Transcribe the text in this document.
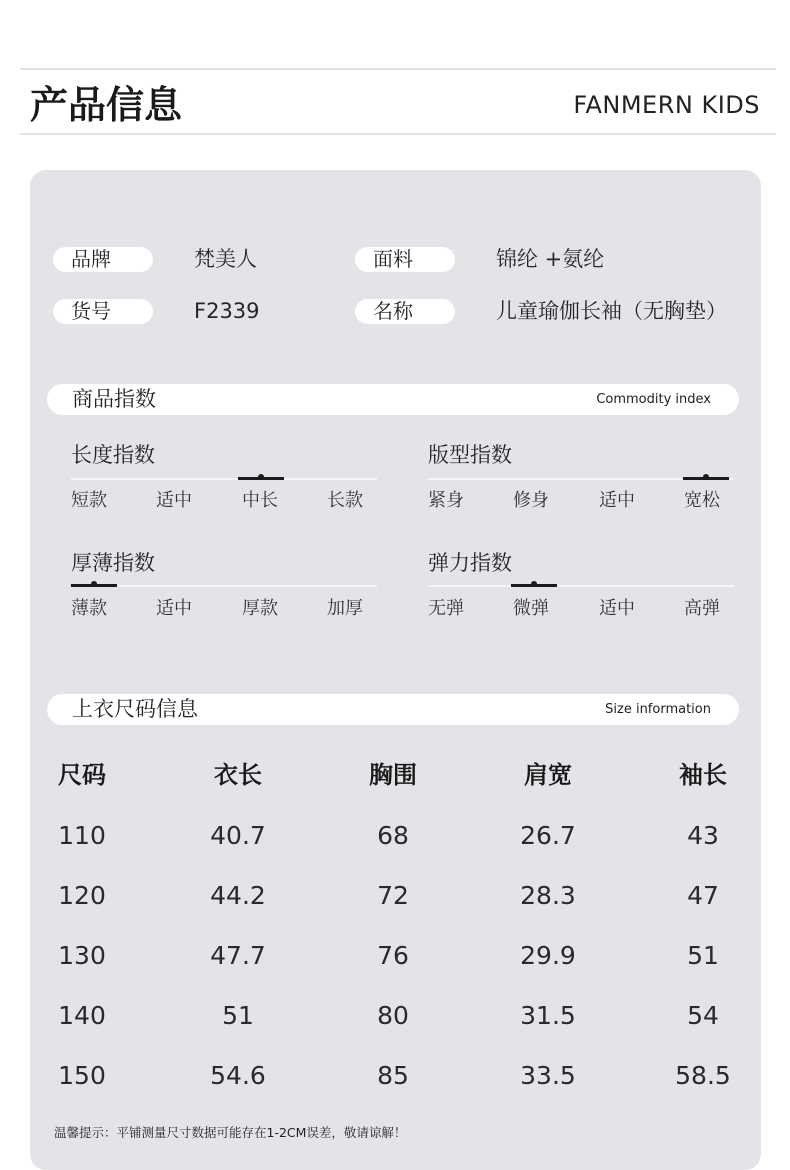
产品信息	FANMERN KIDS
品牌	梵美人	面料	锦纶 +氨纶
货号	F2339	名称	儿童瑜伽长袖（无胸垫）
商品指数	Commodity index
长度指数
短款	适中	中长	长款
版型指数
紧身	修身	适中	宽松
厚薄指数
薄款	适中	厚款	加厚
弹力指数
无弹	微弹	适中	高弹
上衣尺码信息	Size information
尺码	衣长	胸围	肩宽	袖长
110	40.7	68	26.7	43
120	44.2	72	28.3	47
130	47.7	76	29.9	51
140	51	80	31.5	54
150	54.6	85	33.5	58.5
温馨提示：平铺测量尺寸数据可能存在1-2CM误差，敬请谅解！
